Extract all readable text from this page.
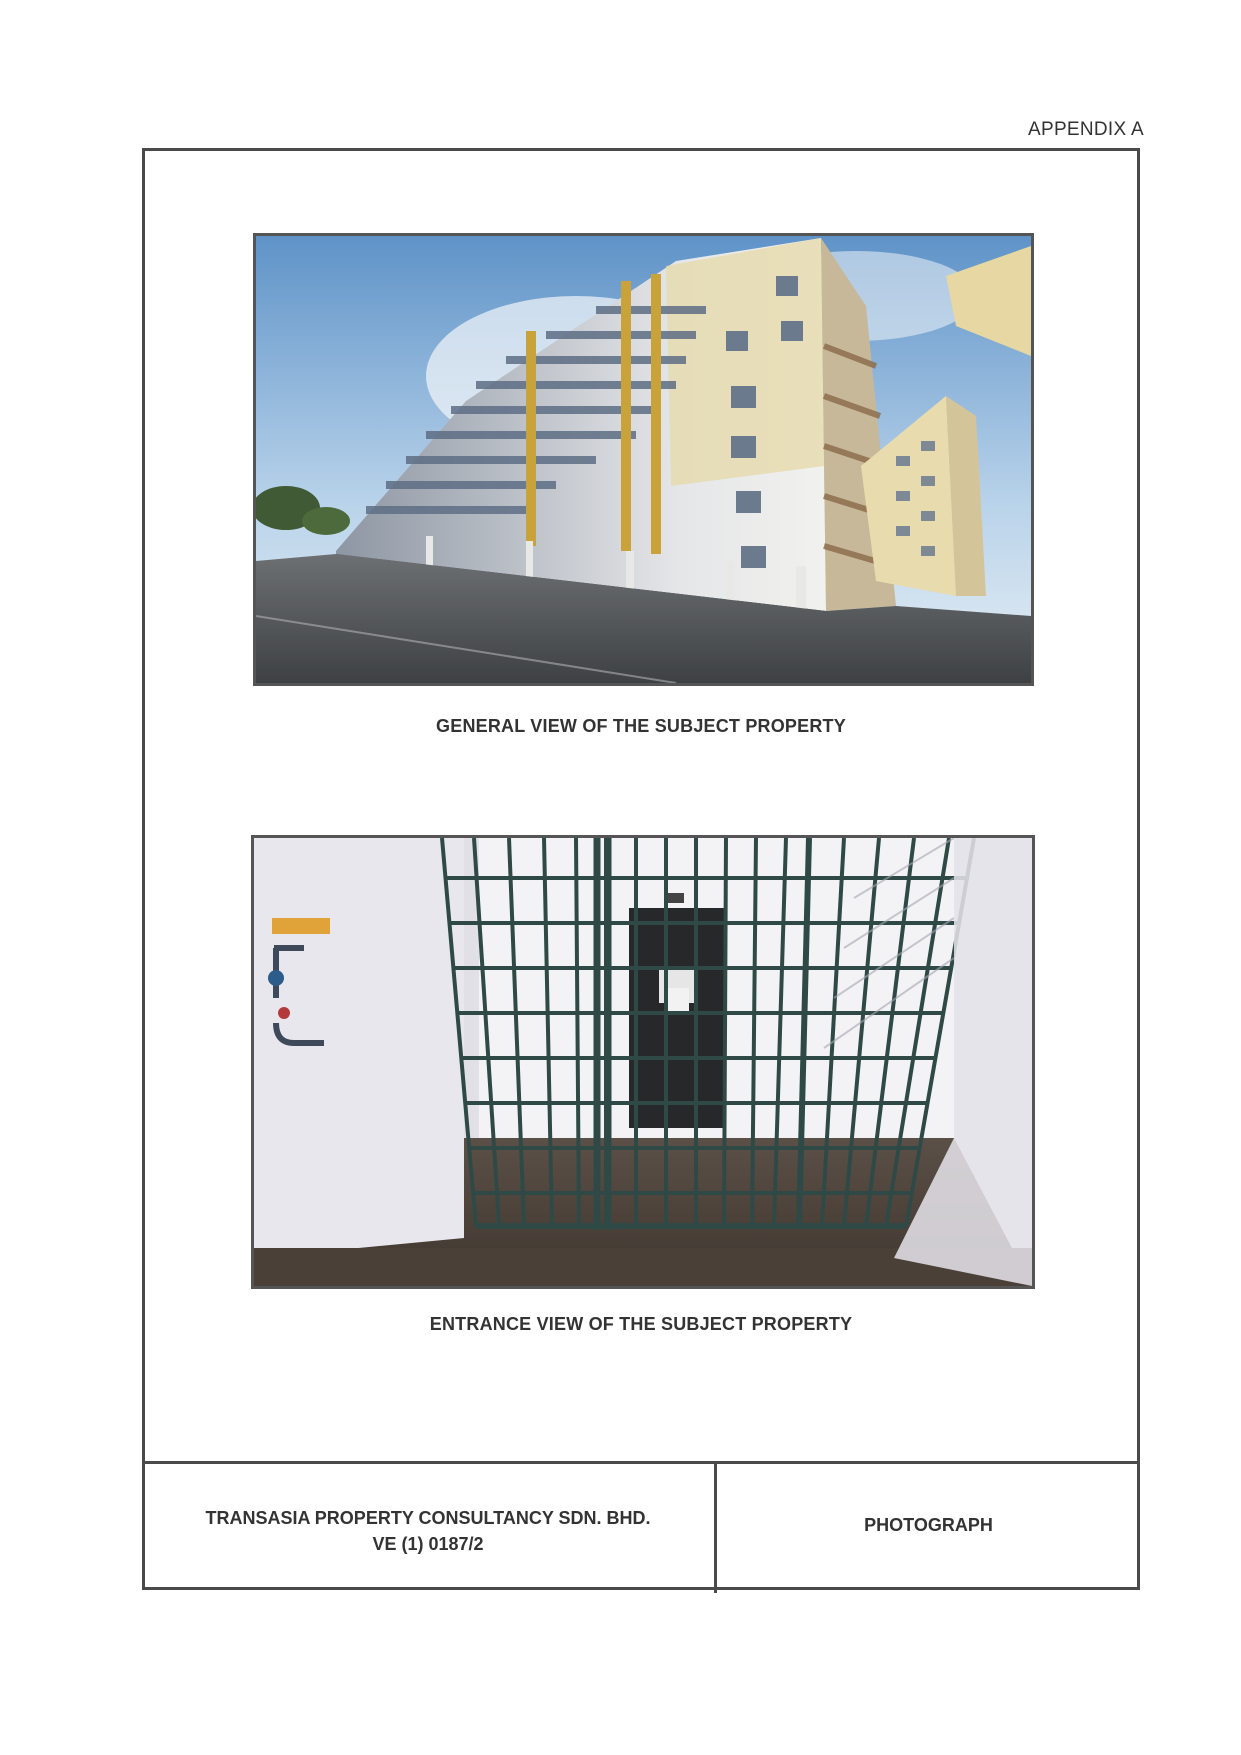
APPENDIX A
GENERAL VIEW OF THE SUBJECT PROPERTY
ENTRANCE VIEW OF THE SUBJECT PROPERTY
TRANSASIA PROPERTY CONSULTANCY SDN. BHD.
VE (1) 0187/2
PHOTOGRAPH
